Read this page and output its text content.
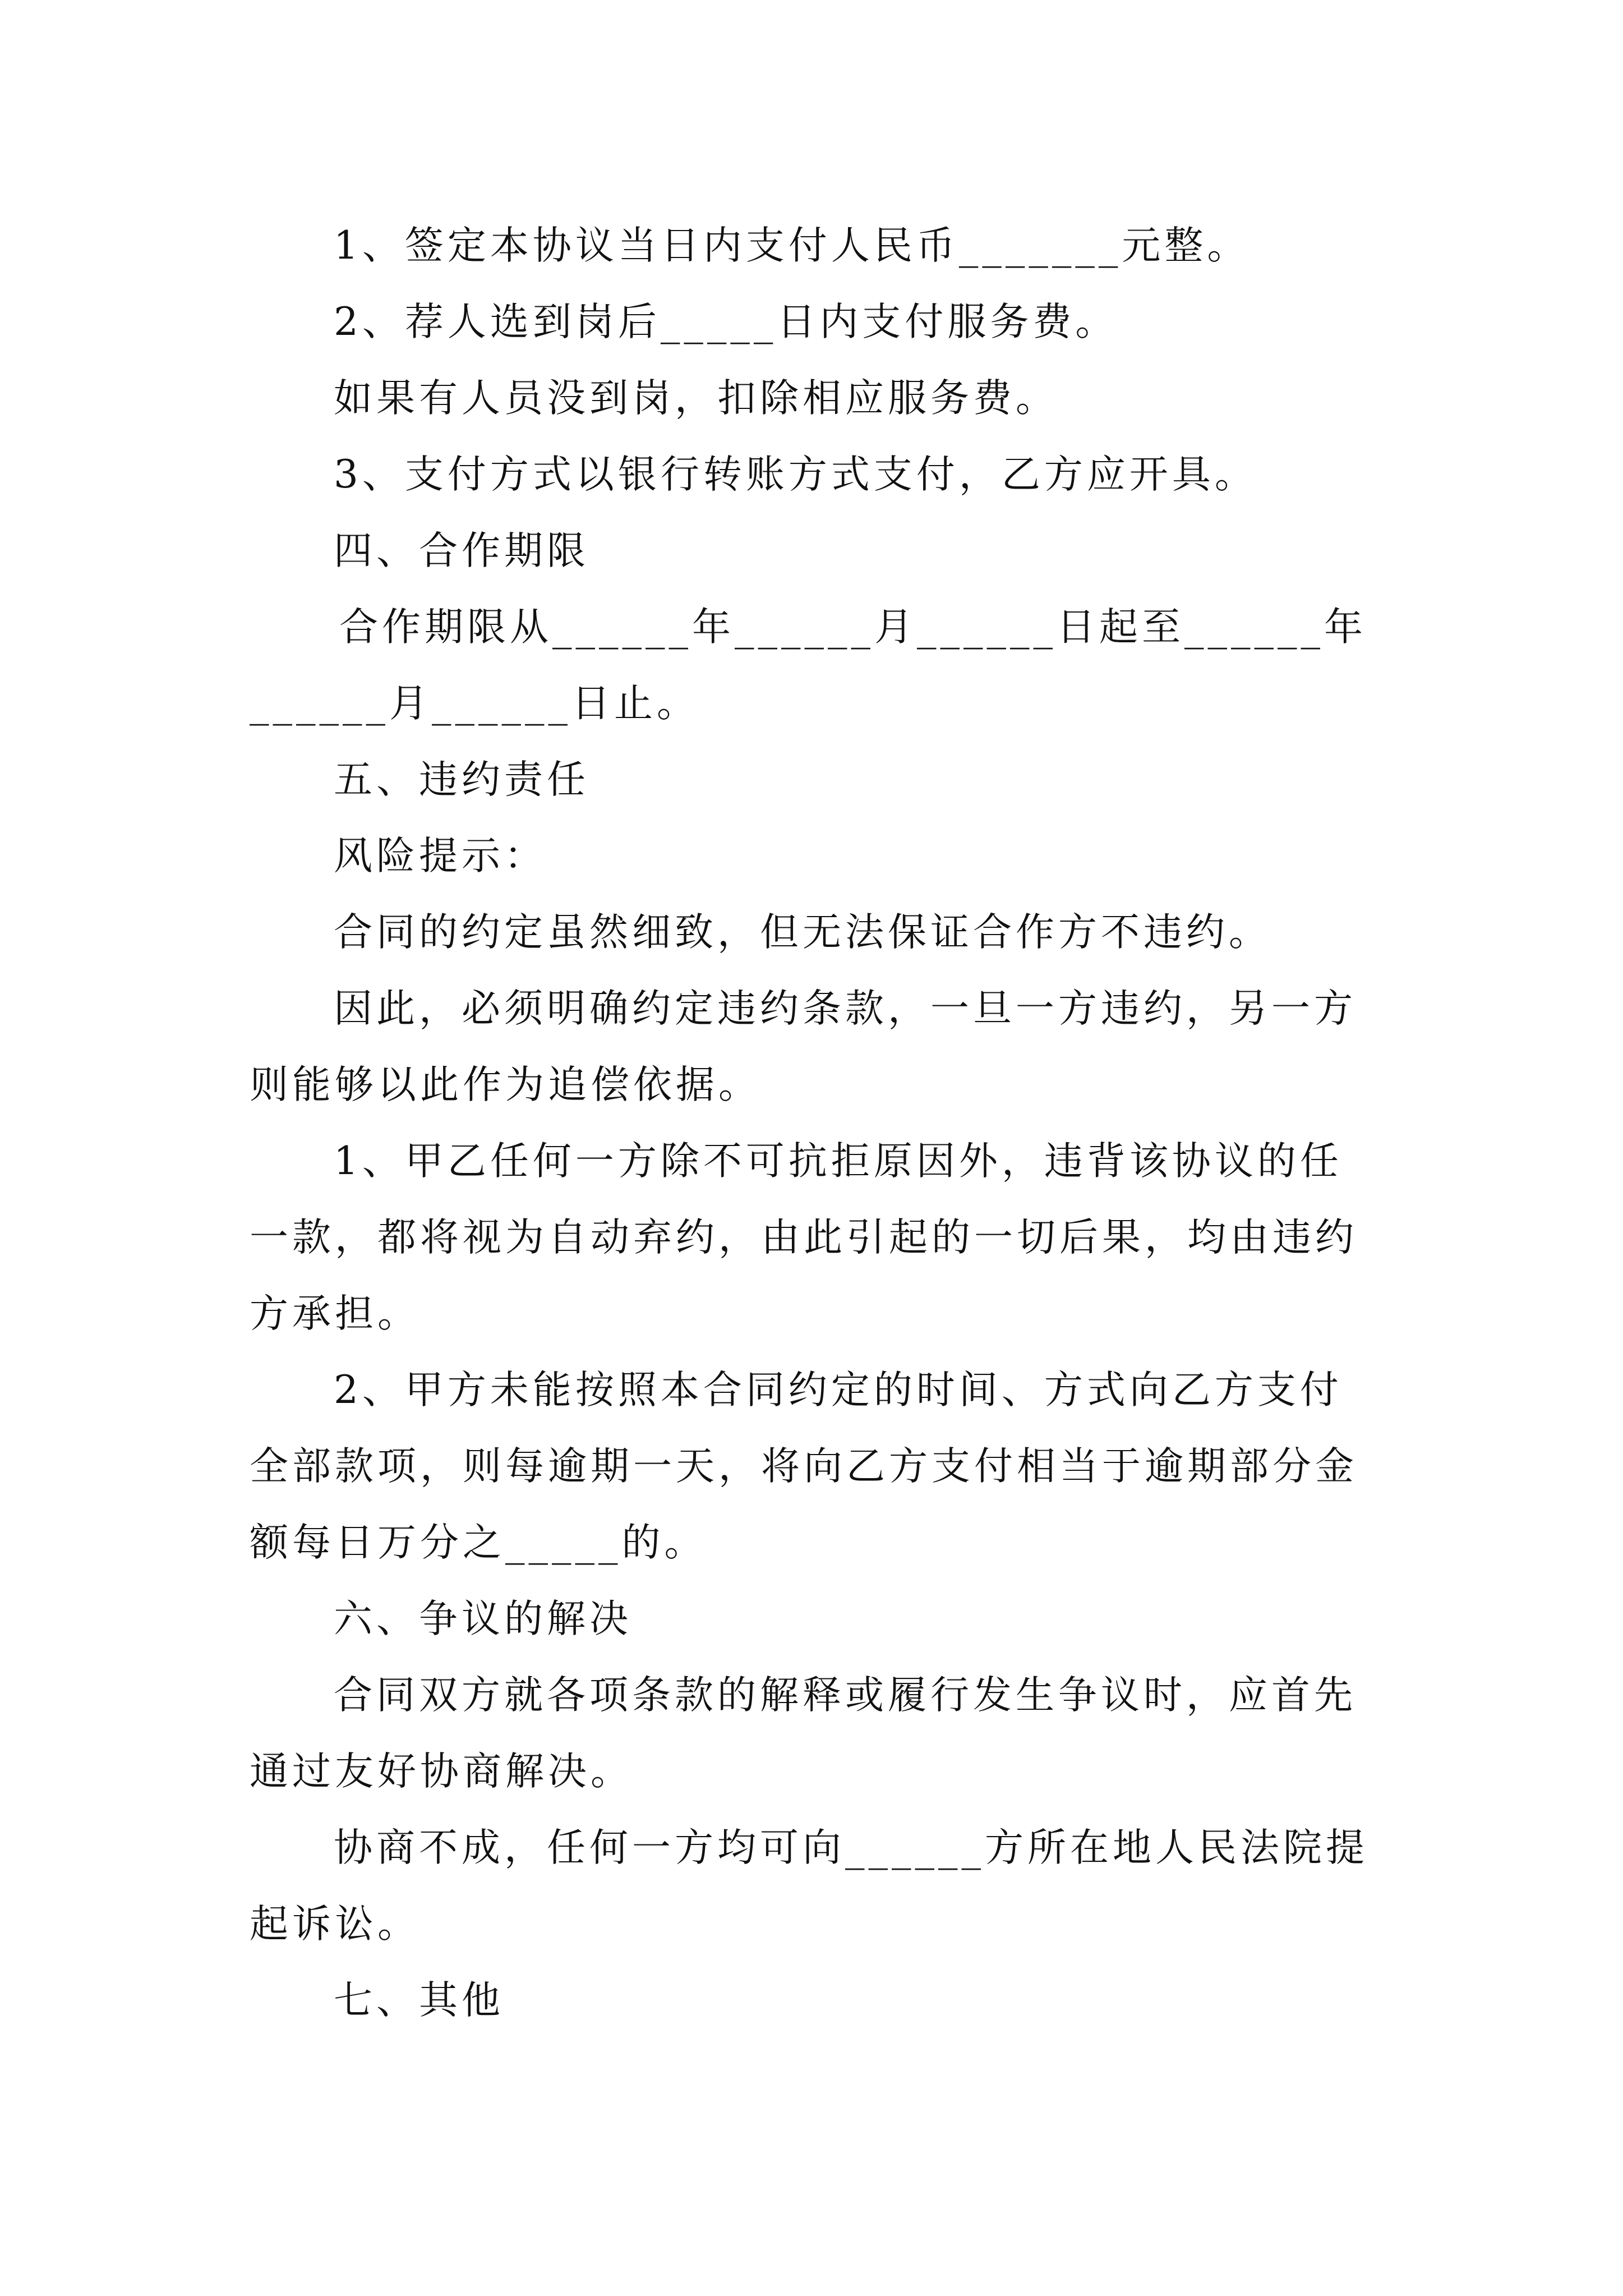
1、签定本协议当日内支付人民币_______元整。
2、荐人选到岗后_____日内支付服务费。
如果有人员没到岗，扣除相应服务费。
3、支付方式以银行转账方式支付，乙方应开具。
四、合作期限
合作期限从______年______月______日起至______年
______月______日止。
五、违约责任
风险提示：
合同的约定虽然细致，但无法保证合作方不违约。
因此，必须明确约定违约条款，一旦一方违约，另一方
则能够以此作为追偿依据。
1、甲乙任何一方除不可抗拒原因外，违背该协议的任
一款，都将视为自动弃约，由此引起的一切后果，均由违约
方承担。
2、甲方未能按照本合同约定的时间、方式向乙方支付
全部款项，则每逾期一天，将向乙方支付相当于逾期部分金
额每日万分之_____的。
六、争议的解决
合同双方就各项条款的解释或履行发生争议时，应首先
通过友好协商解决。
协商不成，任何一方均可向______方所在地人民法院提
起诉讼。
七、其他
